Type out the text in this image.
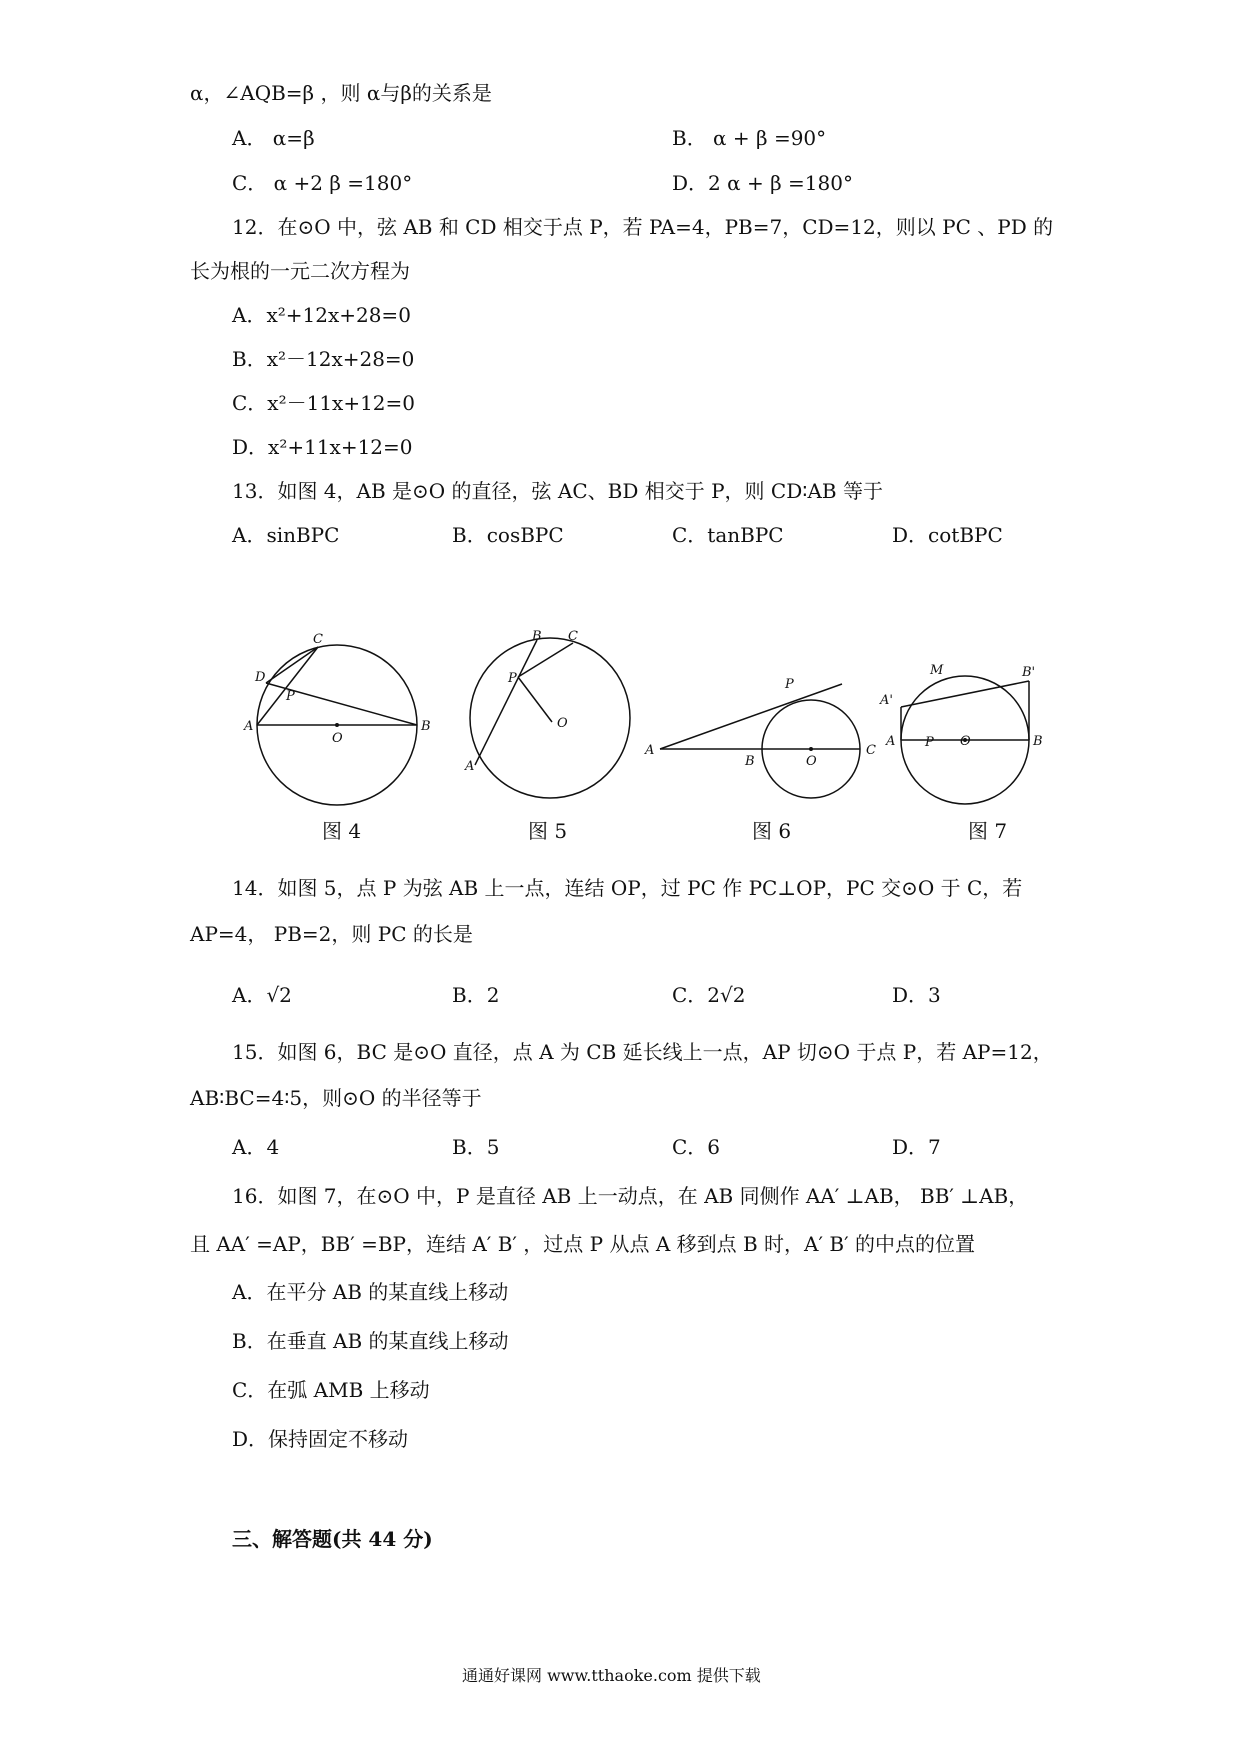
α，∠AQB=β ，则 α与β的关系是
A． α=β	B． α + β =90°
C． α +2 β =180°	D．2 α + β =180°
12．在⊙O 中，弦 AB 和 CD 相交于点 P，若 PA=4，PB=7，CD=12，则以 PC 、PD 的
长为根的一元二次方程为
A．x²+12x+28=0
B．x²－12x+28=0
C．x²－11x+12=0
D．x²+11x+12=0
13．如图 4，AB 是⊙O 的直径，弦 AC、BD 相交于 P，则 CD∶AB 等于
A．sinBPC	B．cosBPC	C．tanBPC	D．cotBPC
C
D
P
A
O
B
B C
P
O
A
P
A
B	O
C
M	B'
A'
A P O	B
图 4	图 5	图 6	图 7
14．如图 5，点 P 为弦 AB 上一点，连结 OP，过 PC 作 PC⊥OP，PC 交⊙O 于 C，若
AP=4， PB=2，则 PC 的长是
A．√2	B．2	C．2√2	D．3
15．如图 6，BC 是⊙O 直径，点 A 为 CB 延长线上一点，AP 切⊙O 于点 P，若 AP=12，
AB∶BC=4∶5，则⊙O 的半径等于
A．4	B．5	C．6	D．7
16．如图 7，在⊙O 中，P 是直径 AB 上一动点，在 AB 同侧作 AA′ ⊥AB， BB′ ⊥AB，
且 AA′ =AP，BB′ =BP，连结 A′ B′ ，过点 P 从点 A 移到点 B 时，A′ B′ 的中点的位置
A．在平分 AB 的某直线上移动
B．在垂直 AB 的某直线上移动
C．在弧 AMB 上移动
D．保持固定不移动
三、解答题(共 44 分)
通通好课网 www.tthaoke.com 提供下载
